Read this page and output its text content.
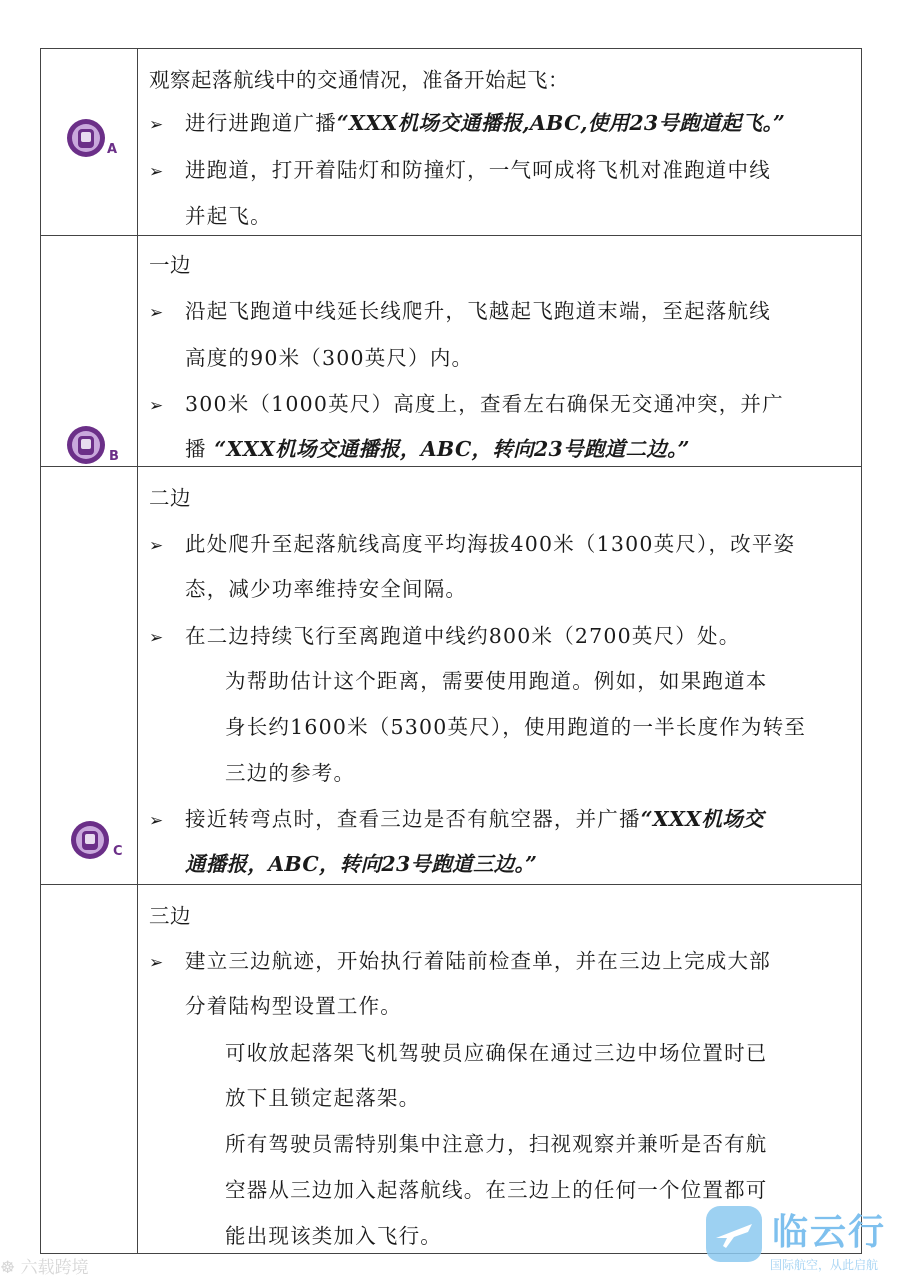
A
观察起落航线中的交通情况，准备开始起飞：
➢ 进行进跑道广播“XXX机场交通播报,ABC,使用23号跑道起飞。”
➢ 进跑道，打开着陆灯和防撞灯，一气呵成将飞机对准跑道中线
并起飞。
B
一边
➢ 沿起飞跑道中线延长线爬升，飞越起飞跑道末端，至起落航线
高度的90米（300英尺）内。
➢ 300米（1000英尺）高度上，查看左右确保无交通冲突，并广
播 “XXX机场交通播报，ABC，转向23号跑道二边。”
C
二边
➢ 此处爬升至起落航线高度平均海拔400米（1300英尺），改平姿
态，减少功率维持安全间隔。
➢ 在二边持续飞行至离跑道中线约800米（2700英尺）处。
为帮助估计这个距离，需要使用跑道。例如，如果跑道本
身长约1600米（5300英尺），使用跑道的一半长度作为转至
三边的参考。
➢ 接近转弯点时，查看三边是否有航空器，并广播“XXX机场交
通播报，ABC，转向23号跑道三边。”
三边
➢ 建立三边航迹，开始执行着陆前检查单，并在三边上完成大部
分着陆构型设置工作。
可收放起落架飞机驾驶员应确保在通过三边中场位置时已
放下且锁定起落架。
所有驾驶员需特别集中注意力，扫视观察并兼听是否有航
空器从三边加入起落航线。在三边上的任何一个位置都可
能出现该类加入飞行。
☸ 六载跨境
临云行
国际航空，从此启航
